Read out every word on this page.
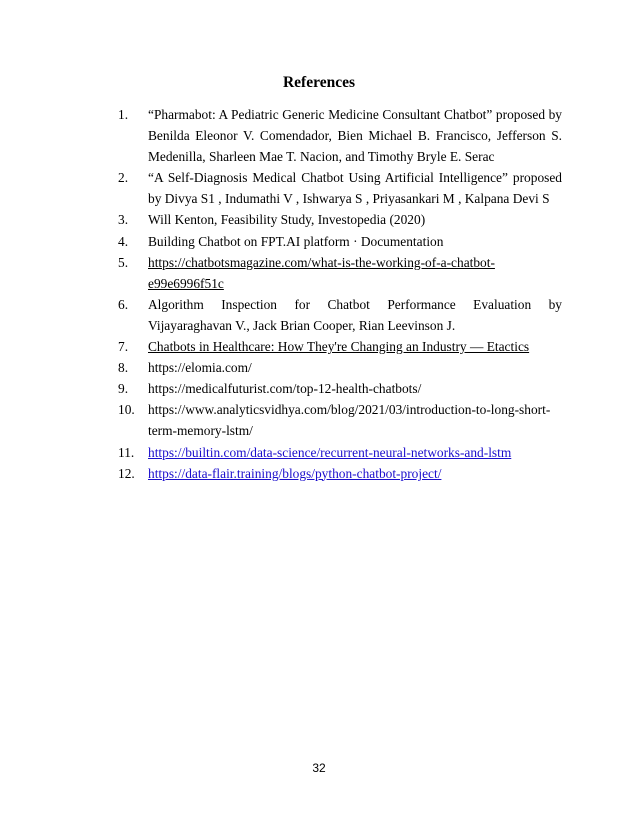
References
1.	“Pharmabot: A Pediatric Generic Medicine Consultant Chatbot” proposed by Benilda Eleonor V. Comendador, Bien Michael B. Francisco, Jefferson S. Medenilla, Sharleen Mae T. Nacion, and Timothy Bryle E. Serac
2.	“A Self-Diagnosis Medical Chatbot Using Artificial Intelligence” proposed by Divya S1 , Indumathi V , Ishwarya S , Priyasankari M , Kalpana Devi S
3.	Will Kenton, Feasibility Study, Investopedia (2020)
4.	Building Chatbot on FPT.AI platform · Documentation
5.	https://chatbotsmagazine.com/what-is-the-working-of-a-chatbot-e99e6996f51c
6.	Algorithm Inspection for Chatbot Performance Evaluation by Vijayaraghavan V., Jack Brian Cooper, Rian Leevinson J.
7.	Chatbots in Healthcare: How They're Changing an Industry — Etactics
8.	https://elomia.com/
9.	https://medicalfuturist.com/top-12-health-chatbots/
10. https://www.analyticsvidhya.com/blog/2021/03/introduction-to-long-short-term-memory-lstm/
11.	https://builtin.com/data-science/recurrent-neural-networks-and-lstm
12. https://data-flair.training/blogs/python-chatbot-project/
32
